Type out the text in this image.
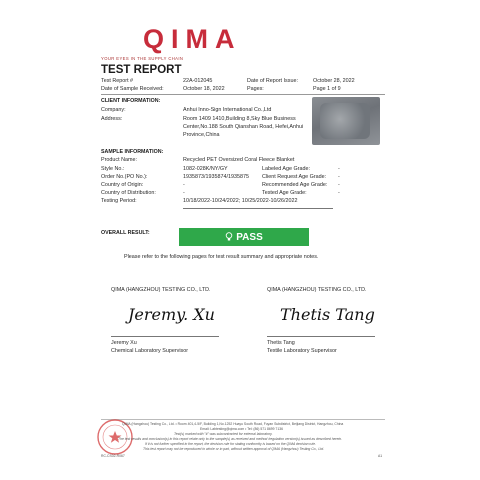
QIMA
YOUR EYES IN THE SUPPLY CHAIN
TEST REPORT
Test Report #	22A-012045	Date of Report Issue:	October 28, 2022
Date of Sample Received:	October 18, 2022	Pages:	Page 1 of 9
CLIENT INFORMATION:
Company:	Anhui Inno-Sign International Co.,Ltd
Address:	Room 1409 1410,Building 8,Sky Blue Business
Center,No.188 South Qianshan Road, Hefei,Anhui
Province,China
SAMPLE INFORMATION:
Product Name:	Recycled PET Oversized Coral Fleece Blanket
Style No.:	1082-028K/NY/GY	Labeled Age Grade:	-
Order No.(PO No.):	1935873/1935874/1935875 Client Request Age Grade: -
Country of Origin:	-	Recommended Age Grade: -
Country of Distribution:	-	Tested Age Grade:	-
Testing Period:	10/18/2022-10/24/2022; 10/25/2022-10/26/2022
OVERALL RESULT:	PASS
Please refer to the following pages for test result summary and appropriate notes.
QIMA (HANGZHOU) TESTING CO., LTD.
Jeremy. Xu
Jeremy Xu
Chemical Laboratory Supervisor
QIMA (HANGZHOU) TESTING CO., LTD.
Thetis Tang
Thetis Tang
Textile Laboratory Supervisor
QIMA (Hangzhou) Testing Co., Ltd. • Room 401,4-5/F, Building 1,No.1252 Huayu South Road, Fuyan Subdistrict, Beijiang District, Hangzhou, China
Email: Labtesting@qima.com • Tel: (86) 571 8699 7136
Test(s) marked with "#" was subcontracted for external laboratory.
The test results and conclusion(s) in this report relate only to the sample(s) as received and method /regulation version(s) issued as described herein.
If it is not further specified in the report, the decision rule for stating conformity is based on the QIMA decision rule.
This test report may not be reproduced in whole or in part, without written approval of QIMA (Hangzhou) Testing Co., Ltd.
RC-CS02-R067	A1
